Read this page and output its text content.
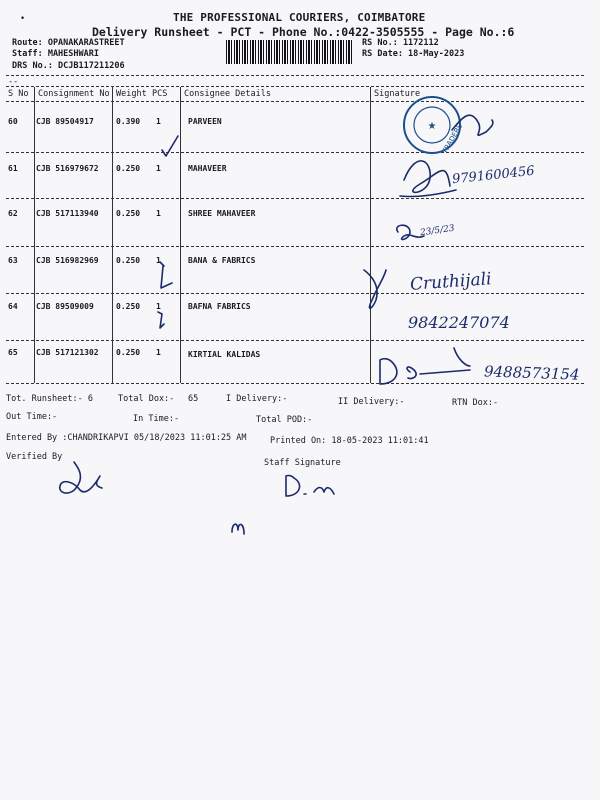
•	THE PROFESSIONAL COURIERS, COIMBATORE
Delivery Runsheet - PCT - Phone No.:0422-3505555 - Page No.:6
Route: OPANAKARASTREET
Staff: MAHESHWARI
DRS No.: DCJB117211206
RS No.: 1172112
RS Date: 18-May-2023
--
S No Consignment No Weight PCS Consignee Details	Signature
60 CJB 89504917	0.390 1	PARVEEN
61 CJB 516979672 0.250 1	MAHAVEER
62 CJB 517113940 0.250 1	SHREE MAHAVEER
63 CJB 516982969 0.250 1	BANA & FABRICS
64 CJB 89509009	0.250 1	BAFNA FABRICS
65 CJB 517121302 0.250 1	KIRTIAL KALIDAS
Tot. Runsheet:- 6	Total Dox:- 65	I Delivery:-	II Delivery:-	RTN Dox:-
Out Time:-	In Time:-	Total POD:-
Entered By :CHANDRIKAPVI 05/18/2023 11:01:25 AM	Printed On: 18-05-2023 11:01:41
Verified By
Staff Signature
9791600456
23/5/23
Cruthijali
9842247074
9488573154
★ TRADERS
